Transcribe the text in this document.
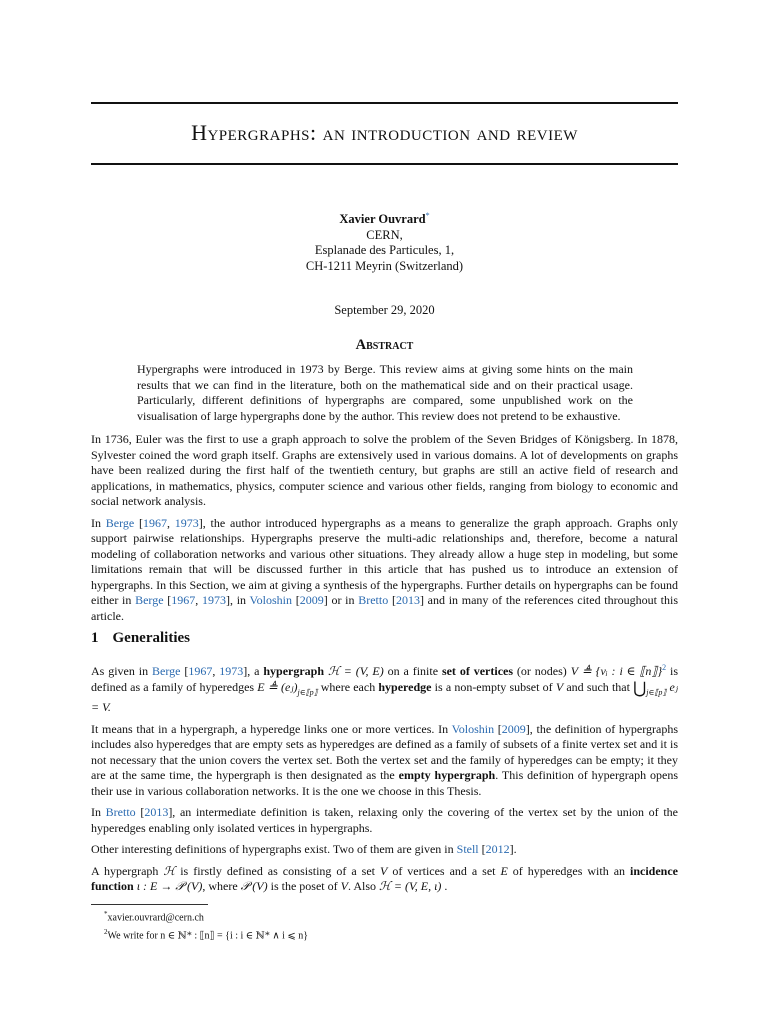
Hypergraphs: an introduction and review
Xavier Ouvrard*
CERN,
Esplanade des Particules, 1,
CH-1211 Meyrin (Switzerland)
September 29, 2020
Abstract
Hypergraphs were introduced in 1973 by Berge. This review aims at giving some hints on the main results that we can find in the literature, both on the mathematical side and on their practical usage. Particularly, different definitions of hypergraphs are compared, some unpublished work on the visualisation of large hypergraphs done by the author. This review does not pretend to be exhaustive.

In 1736, Euler was the first to use a graph approach to solve the problem of the Seven Bridges of Königsberg. In 1878, Sylvester coined the word graph itself. Graphs are extensively used in various domains. A lot of developments on graphs have been realized during the first half of the twentieth century, but graphs are still an active field of research and applications, in mathematics, physics, computer science and various other fields, ranging from biology to economic and social network analysis.

In Berge [1967, 1973], the author introduced hypergraphs as a means to generalize the graph approach. Graphs only support pairwise relationships. Hypergraphs preserve the multi-adic relationships and, therefore, become a natural modeling of collaboration networks and various other situations. They already allow a huge step in modeling, but some limitations remain that will be discussed further in this article that has pushed us to introduce an extension of hypergraphs. In this Section, we aim at giving a synthesis of the hypergraphs. Further details on hypergraphs can be found either in Berge [1967, 1973], in Voloshin [2009] or in Bretto [2013] and in many of the references cited throughout this article.

1 Generalities

As given in Berge [1967, 1973], a hypergraph ℋ = (V, E) on a finite set of vertices (or nodes) V ≜ {vᵢ : i ∈ ⟦n⟧}$^2$ is defined as a family of hyperedges E ≜ $(eⱼ)_{j\in⟦p⟧}$ where each hyperedge is a non-empty subset of V and such that $⋃_{j\in⟦p⟧}$ eⱼ = V.

It means that in a hypergraph, a hyperedge links one or more vertices. In Voloshin [2009], the definition of hypergraphs includes also hyperedges that are empty sets as hyperedges are defined as a family of subsets of a finite vertex set and it is not necessary that the union covers the vertex set. Both the vertex set and the family of hyperedges can be empty; it they are at the same time, the hypergraph is then designated as the empty hypergraph. This definition of hypergraph opens their use in various collaboration networks. It is the one we choose in this Thesis.

In Bretto [2013], an intermediate definition is taken, relaxing only the covering of the vertex set by the union of the hyperedges enabling only isolated vertices in hypergraphs.

Other interesting definitions of hypergraphs exist. Two of them are given in Stell [2012].

A hypergraph ℋ is firstly defined as consisting of a set V of vertices and a set E of hyperedges with an incidence function ι : E → 𝒫 (V), where 𝒫 (V) is the poset of V. Also ℋ = (V, E, ι) .

*xavier.ouvrard@cern.ch
$^2$We write for n ∈ ℕ* : ⟦n⟧ = {i : i ∈ ℕ* ∧ i ⩽ n}
